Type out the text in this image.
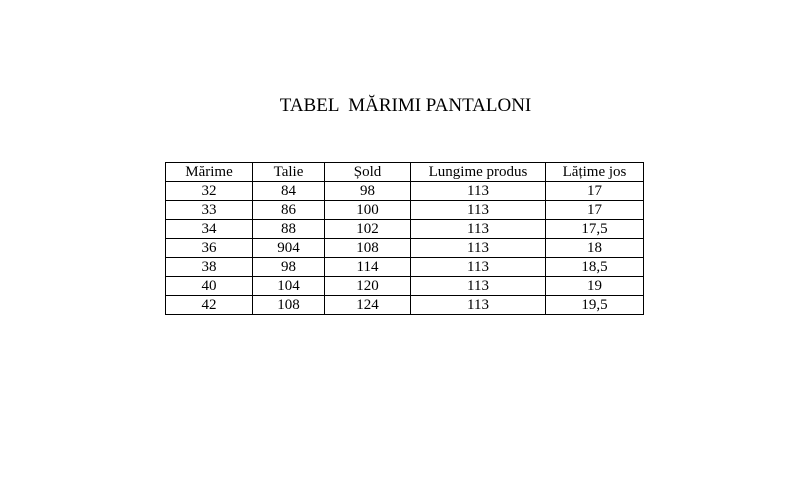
TABEL  MĂRIMI PANTALONI
Mărime	Talie	Șold	Lungime produs	Lățime jos
32	84	98	113	17
33	86	100	113	17
34	88	102	113	17,5
36	904	108	113	18
38	98	114	113	18,5
40	104	120	113	19
42	108	124	113	19,5
